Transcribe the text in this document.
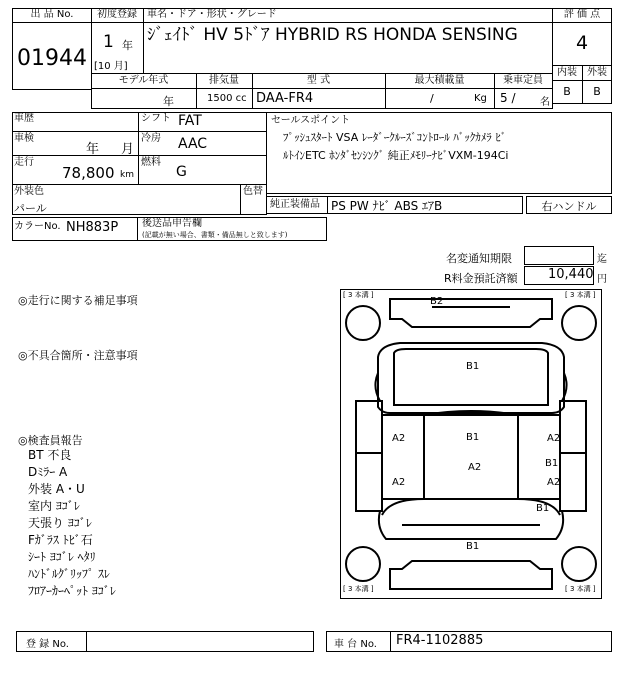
出 品 No.
01944
初度登録
1 年
[10 月]
車名・ドア・形状・グレード
ｼﾞｪｲﾄﾞ HV 5ﾄﾞｱ HYBRID RS HONDA SENSING
評 価 点
4
内装	外装
B	B
モデル年式	排気量	型 式	最大積載量	乗車定員
年	1500 cc DAA-FR4	/	Kg 5 / 名
車歴	シフト FAT
車検
年 月
冷房 AAC
走行
78,800 km
燃料
G
外装色
パール
色替
セールスポイント
ﾌﾟｯｼｭｽﾀｰﾄ VSA ﾚｰﾀﾞｰｸﾙｰｽﾞｺﾝﾄﾛｰﾙ ﾊﾞｯｸｶﾒﾗ ﾋﾞ
ﾙﾄｲﾝETC ﾎﾝﾀﾞｾﾝｼﾝｸﾞ 純正ﾒﾓﾘｰﾅﾋﾞVXM-194Ci
純正装備品 PS PW ﾅﾋﾞ ABS ｴｱB	右ハンドル
カラーNo. NH883P 後送品申告欄
(記載が無い場合、書類・備品無しと致します)
名変通知期限	迄
R料金預託済額 10,440 円
◎走行に関する補足事項
◎不具合箇所・注意事項
◎検査員報告
BT 不良
Dﾐﾗｰ A
外装 A・U
室内 ﾖｺﾞﾚ
天張り ﾖｺﾞﾚ
Fｶﾞﾗｽ ﾄﾋﾞ石
ｼｰﾄ ﾖｺﾞﾚ ﾍﾀﾘ
ﾊﾝﾄﾞﾙｸﾞﾘｯﾌﾟ ｽﾚ
ﾌﾛｱｰｶｰﾍﾟｯﾄ ﾖｺﾞﾚ
[ 3 本溝 ]	[ 3 本溝 ]
[ 3 本溝 ]	[ 3 本溝 ]
B2
B1
A2	B1	A2
A2	B1
A2	A2
B1
B1
登 録 No.	車 台 No. FR4-1102885
